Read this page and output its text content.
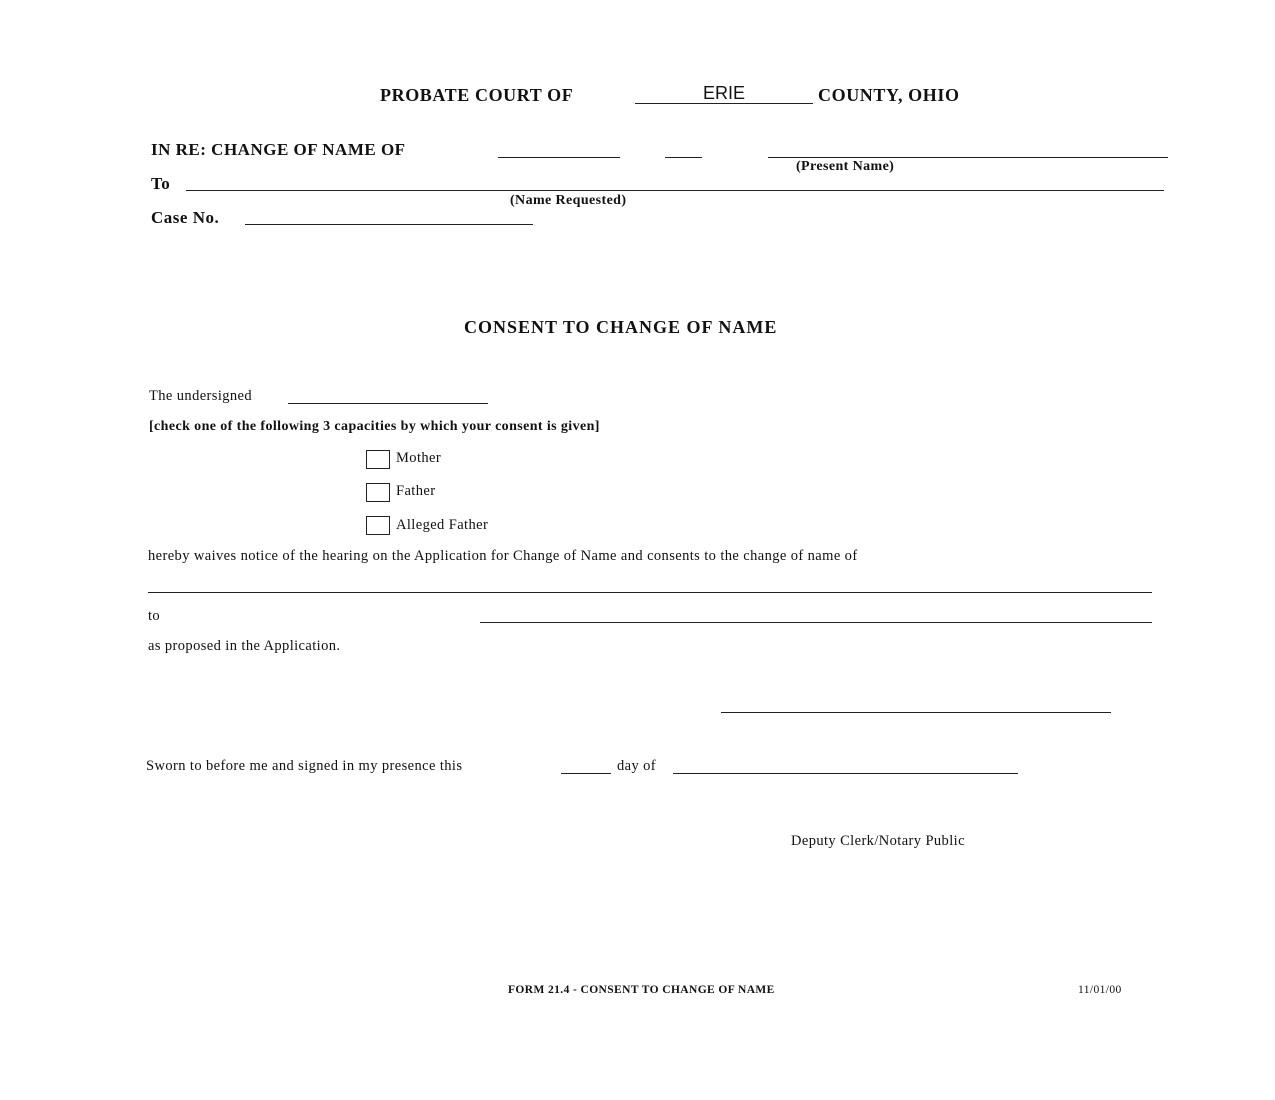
PROBATE COURT OF	ERIE	COUNTY, OHIO
IN RE: CHANGE OF NAME OF
(Present Name)
To
(Name Requested)
Case No.
CONSENT TO CHANGE OF NAME
The undersigned
[check one of the following 3 capacities by which your consent is given]
Mother
Father
Alleged Father
hereby waives notice of the hearing on the Application for Change of Name and consents to the change of name of
to
as proposed in the Application.
Sworn to before me and signed in my presence this	day of
Deputy Clerk/Notary Public
FORM 21.4 - CONSENT TO CHANGE OF NAME	11/01/00
